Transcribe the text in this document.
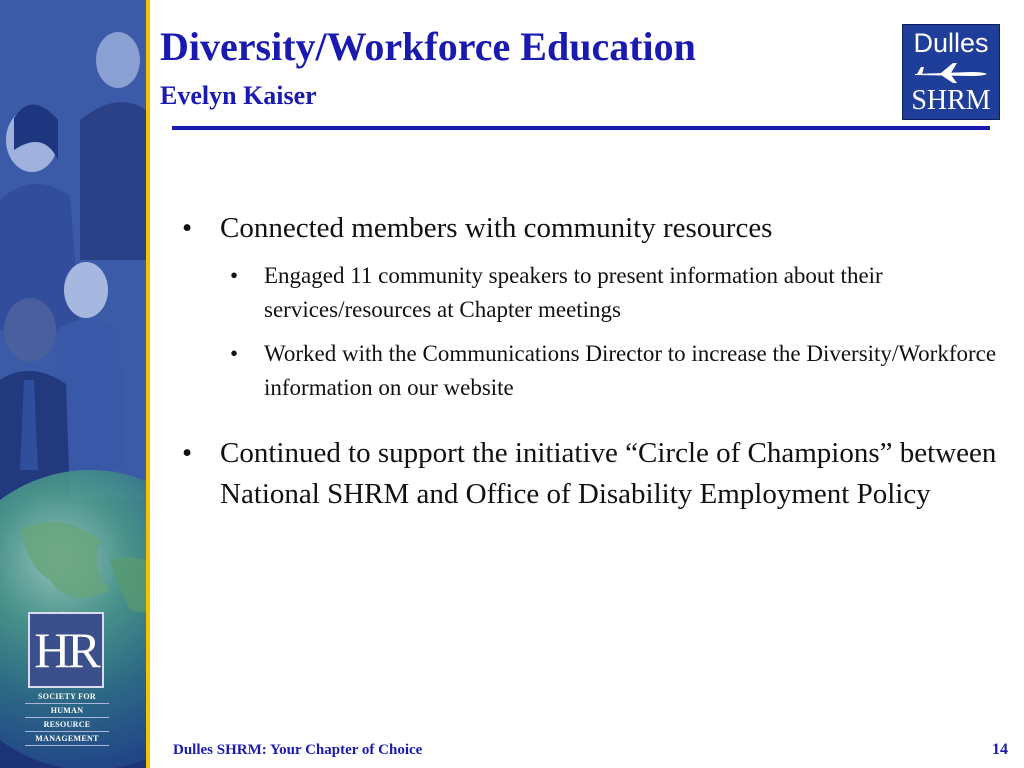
HR
SOCIETY FOR
HUMAN
RESOURCE
MANAGEMENT
Diversity/Workforce Education
Evelyn Kaiser
Dulles
SHRM
• Connected members with community resources
• Engaged 11 community speakers to present information about their services/resources at Chapter meetings
• Worked with the Communications Director to increase the Diversity/Workforce information on our website
• Continued to support the initiative “Circle of Champions” between National SHRM and Office of Disability Employment Policy
Dulles SHRM: Your Chapter of Choice	14
